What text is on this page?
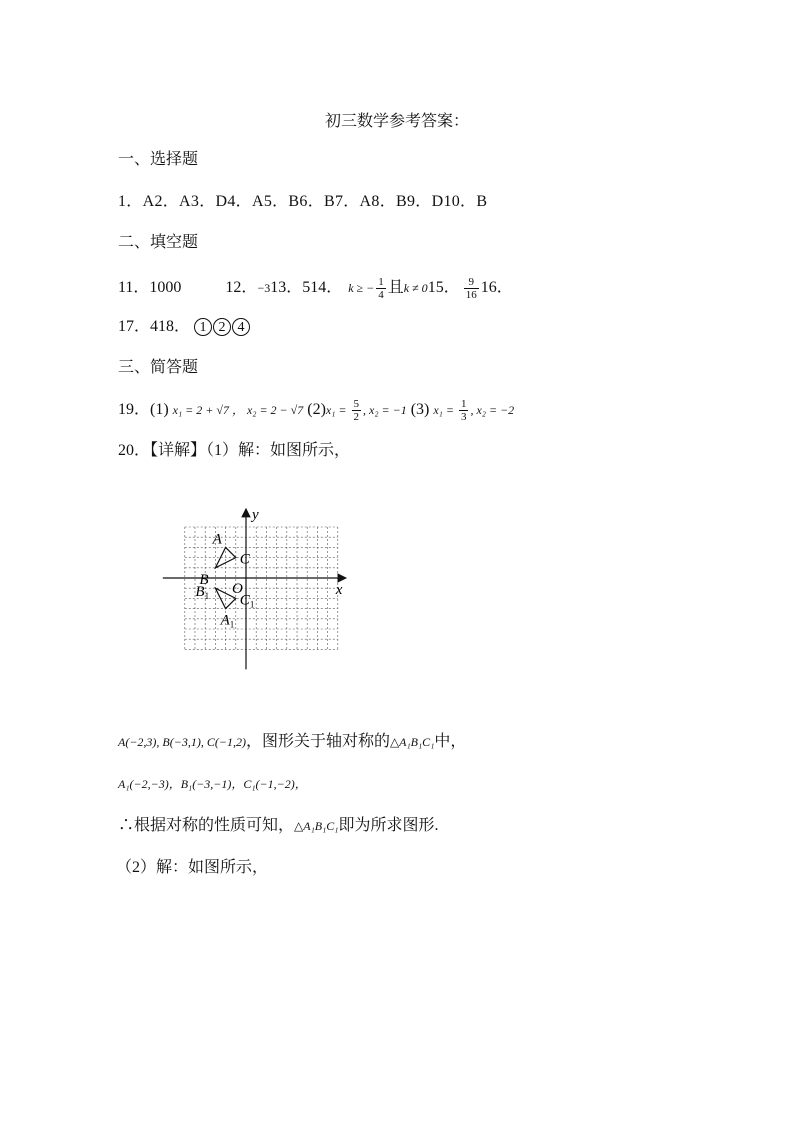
初三数学参考答案：
一、选择题
1．A2．A3．D4．A5．B6．B7．A8．B9．D10．B
二、填空题
11．1000	12．−313．514． k ≥ − $\frac{1}{4}$ 且k ≠ 015． $\frac{9}{16} 16$．
17．418． 1 2 4
三、简答题
19．(1) x₁ = 2 + √7 ， x₂ = 2 − √7 $(2)x_1 = \frac{5}{2}$ , x₂ = −1 (3) $x_1 = \frac{1}{3}$ , x₂ = −2
20．【详解】（1）解：如图所示，
x
y
O
A
B
C
$A_1$
$B_1$ $C_1$
A(−2,3), B(−3,1), C(−1,2)，图形关于轴对称的△A₁B₁C₁中，
A₁(−2,−3)，B₁(−3,−1)，C₁(−1,−2)，
∴根据对称的性质可知，△A₁B₁C₁即为所求图形.
（2）解：如图所示，
